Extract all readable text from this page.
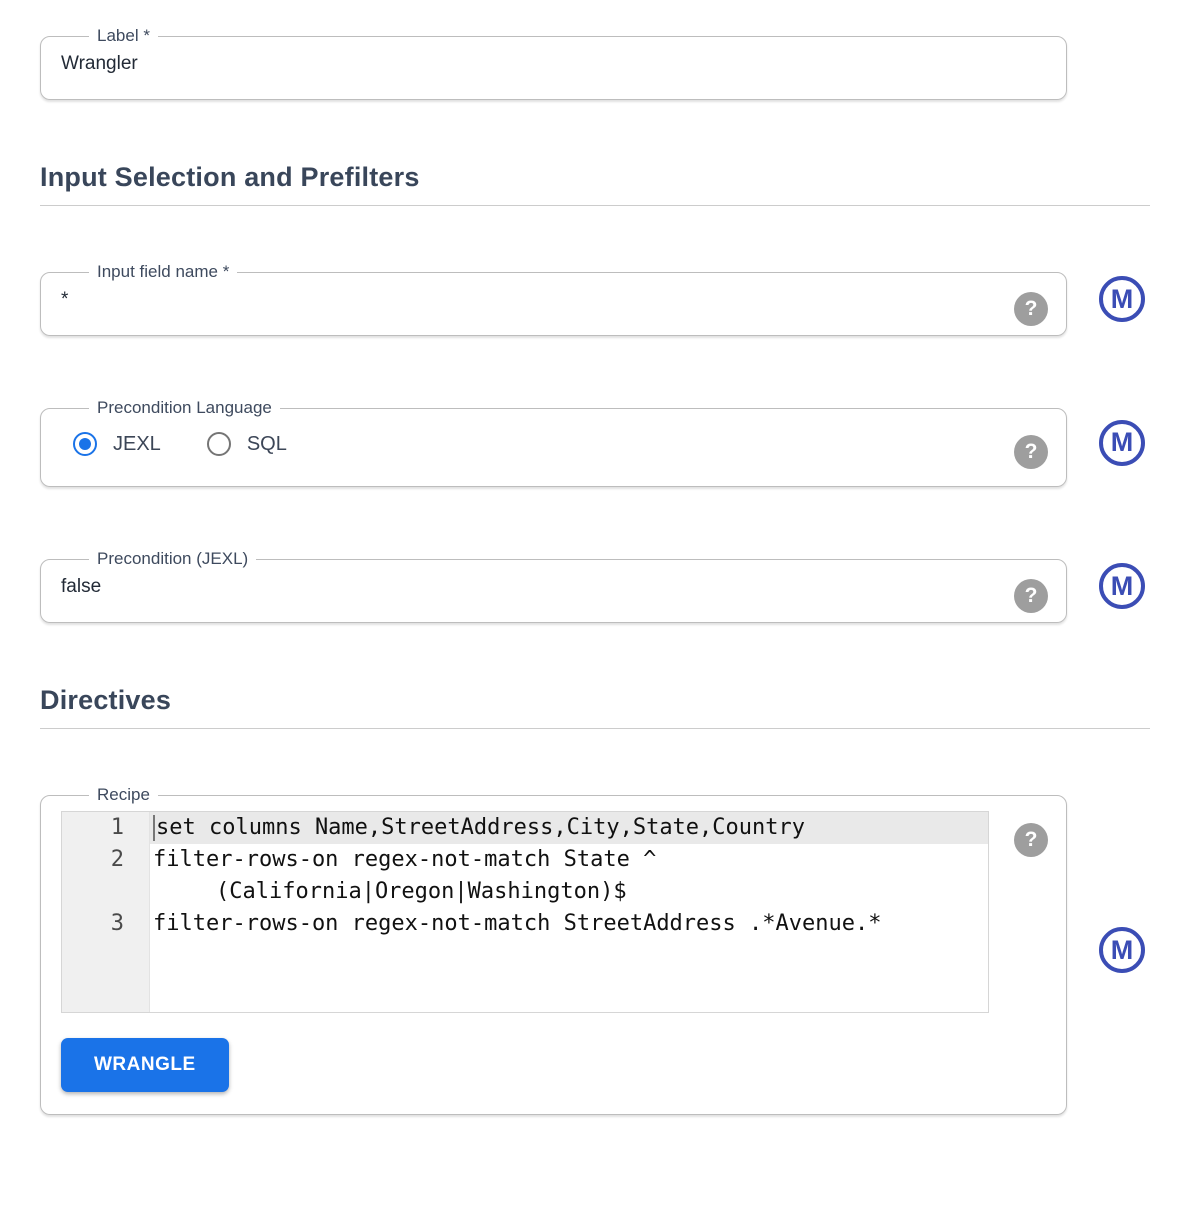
Label *
Wrangler
Input Selection and Prefilters
Input field name *
*	?	M
Precondition Language
JEXL	SQL	?	M
Precondition (JEXL)
false	?	M
Directives
Recipe
1	set columns Name,StreetAddress,City,State,Country
2	filter-rows-on regex-not-match State ^
(California|Oregon|Washington)$
3	filter-rows-on regex-not-match StreetAddress .*Avenue.*
WRANGLE
?
M
